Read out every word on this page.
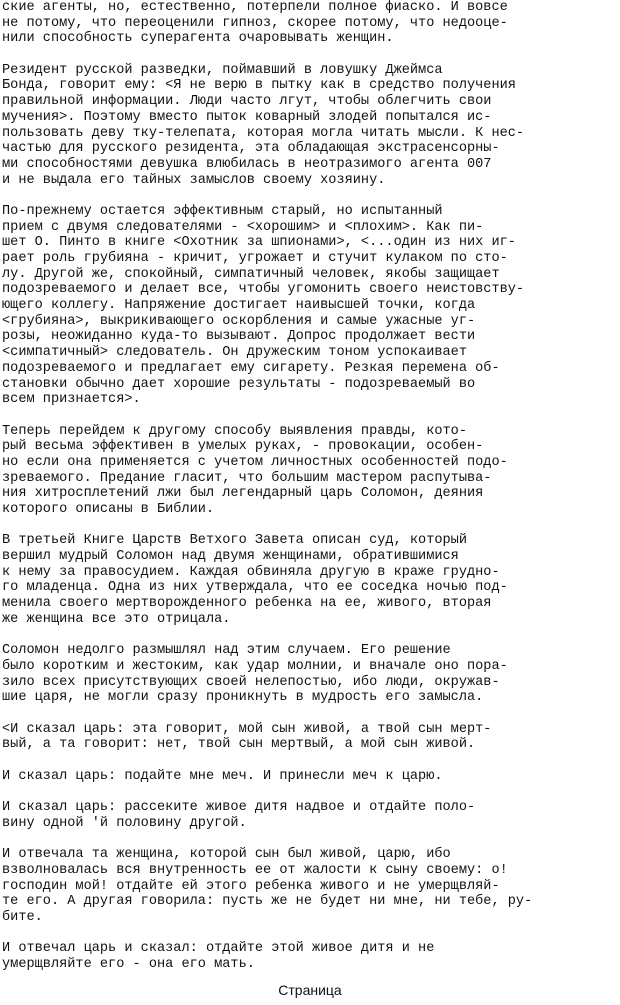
ские агенты, но, естественно, потерпели полное фиаско. И вовсе
не потому, что переоценили гипноз, скорее потому, что недооце-
нили способность суперагента очаровывать женщин.
Резидент русской разведки, поймавший в ловушку Джеймса
Бонда, говорит ему: <Я не верю в пытку как в средство получения
правильной информации. Люди часто лгут, чтобы облегчить свои
мучения>. Поэтому вместо пыток коварный злодей попытался ис-
пользовать деву тку-телепата, которая могла читать мысли. К нес-
частью для русского резидента, эта обладающая экстрасенсорны-
ми способностями девушка влюбилась в неотразимого агента 007
и не выдала его тайных замыслов своему хозяину.
По-прежнему остается эффективным старый, но испытанный
прием с двумя следователями - <хорошим> и <плохим>. Как пи-
шет О. Пинто в книге <Охотник за шпионами>, <...один из них иг-
рает роль грубияна - кричит, угрожает и стучит кулаком по сто-
лу. Другой же, спокойный, симпатичный человек, якобы защищает
подозреваемого и делает все, чтобы угомонить своего неистовству-
ющего коллегу. Напряжение достигает наивысшей точки, когда
<грубияна>, выкрикивающего оскорбления и самые ужасные уг-
розы, неожиданно куда-то вызывают. Допрос продолжает вести
<симпатичный> следователь. Он дружеским тоном успокаивает
подозреваемого и предлагает ему сигарету. Резкая перемена об-
становки обычно дает хорошие результаты - подозреваемый во
всем признается>.
Теперь перейдем к другому способу выявления правды, кото-
рый весьма эффективен в умелых руках, - провокации, особен-
но если она применяется с учетом личностных особенностей подо-
зреваемого. Предание гласит, что большим мастером распутыва-
ния хитросплетений лжи был легендарный царь Соломон, деяния
которого описаны в Библии.
В третьей Книге Царств Ветхого Завета описан суд, который
вершил мудрый Соломон над двумя женщинами, обратившимися
к нему за правосудием. Каждая обвиняла другую в краже грудно-
го младенца. Одна из них утверждала, что ее соседка ночью под-
менила своего мертворожденного ребенка на ее, живого, вторая
же женщина все это отрицала.
Соломон недолго размышлял над этим случаем. Его решение
было коротким и жестоким, как удар молнии, и вначале оно пора-
зило всех присутствующих своей нелепостью, ибо люди, окружав-
шие царя, не могли сразу проникнуть в мудрость его замысла.
<И сказал царь: эта говорит, мой сын живой, а твой сын мерт-
вый, а та говорит: нет, твой сын мертвый, а мой сын живой.
И сказал царь: подайте мне меч. И принесли меч к царю.
И сказал царь: рассеките живое дитя надвое и отдайте поло-
вину одной 'й половину другой.
И отвечала та женщина, которой сын был живой, царю, ибо
взволновалась вся внутренность ее от жалости к сыну своему: о!
господин мой! отдайте ей этого ребенка живого и не умерщвляй-
те его. А другая говорила: пусть же не будет ни мне, ни тебе, ру-
бите.
И отвечал царь и сказал: отдайте этой живое дитя и не
умерщвляйте его - она его мать.
Страница
